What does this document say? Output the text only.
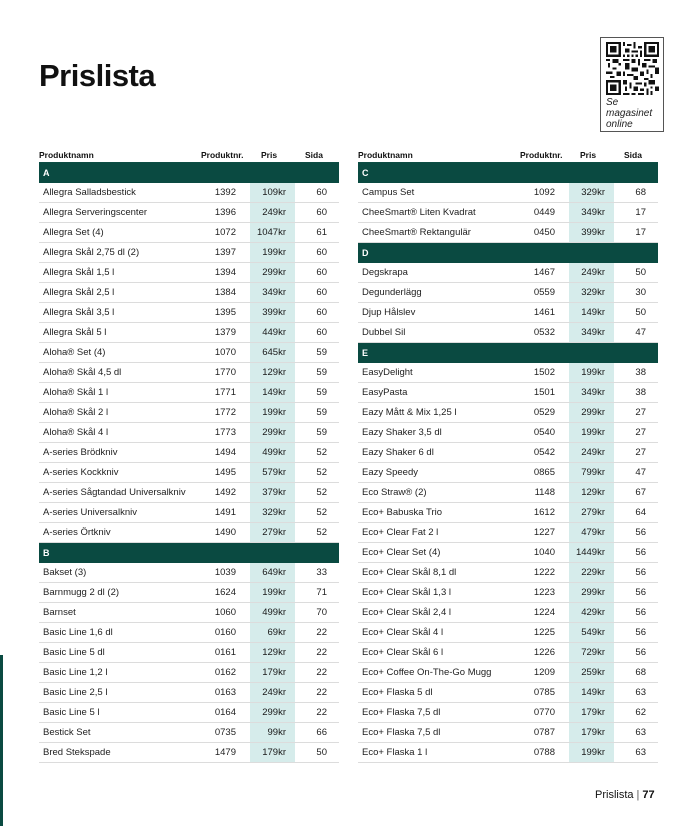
Prislista
Se
magasinet
online
Produktnamn	Produktnr. Pris	Sida
A
Allegra Salladsbestick	1392	109kr	60
Allegra Serveringscenter	1396	249kr	60
Allegra Set (4)	1072	1047kr	61
Allegra Skål 2,75 dl (2)	1397	199kr	60
Allegra Skål 1,5 l	1394	299kr	60
Allegra Skål 2,5 l	1384	349kr	60
Allegra Skål 3,5 l	1395	399kr	60
Allegra Skål 5 l	1379	449kr	60
Aloha® Set (4)	1070	645kr	59
Aloha® Skål 4,5 dl	1770	129kr	59
Aloha® Skål 1 l	1771	149kr	59
Aloha® Skål 2 l	1772	199kr	59
Aloha® Skål 4 l	1773	299kr	59
A-series Brödkniv	1494	499kr	52
A-series Kockkniv	1495	579kr	52
A-series Sågtandad Universalkniv	1492	379kr	52
A-series Universalkniv	1491	329kr	52
A-series Örtkniv	1490	279kr	52
B
Bakset (3)	1039	649kr	33
Barnmugg 2 dl (2)	1624	199kr	71
Barnset	1060	499kr	70
Basic Line 1,6 dl	0160	69kr	22
Basic Line 5 dl	0161	129kr	22
Basic Line 1,2 l	0162	179kr	22
Basic Line 2,5 l	0163	249kr	22
Basic Line 5 l	0164	299kr	22
Bestick Set	0735	99kr	66
Bred Stekspade	1479	179kr	50
Produktnamn	Produktnr. Pris	Sida
C
Campus Set	1092	329kr	68
CheeSmart® Liten Kvadrat	0449	349kr	17
CheeSmart® Rektangulär	0450	399kr	17
D
Degskrapa	1467	249kr	50
Degunderlägg	0559	329kr	30
Djup Hålslev	1461	149kr	50
Dubbel Sil	0532	349kr	47
E
EasyDelight	1502	199kr	38
EasyPasta	1501	349kr	38
Eazy Mått & Mix 1,25 l	0529	299kr	27
Eazy Shaker 3,5 dl	0540	199kr	27
Eazy Shaker 6 dl	0542	249kr	27
Eazy Speedy	0865	799kr	47
Eco Straw® (2)	1148	129kr	67
Eco+ Babuska Trio	1612	279kr	64
Eco+ Clear Fat 2 l	1227	479kr	56
Eco+ Clear Set (4)	1040	1449kr	56
Eco+ Clear Skål 8,1 dl	1222	229kr	56
Eco+ Clear Skål 1,3 l	1223	299kr	56
Eco+ Clear Skål 2,4 l	1224	429kr	56
Eco+ Clear Skål 4 l	1225	549kr	56
Eco+ Clear Skål 6 l	1226	729kr	56
Eco+ Coffee On-The-Go Mugg	1209	259kr	68
Eco+ Flaska 5 dl	0785	149kr	63
Eco+ Flaska 7,5 dl	0770	179kr	62
Eco+ Flaska 7,5 dl	0787	179kr	63
Eco+ Flaska 1 l	0788	199kr	63
Prislista | 77
